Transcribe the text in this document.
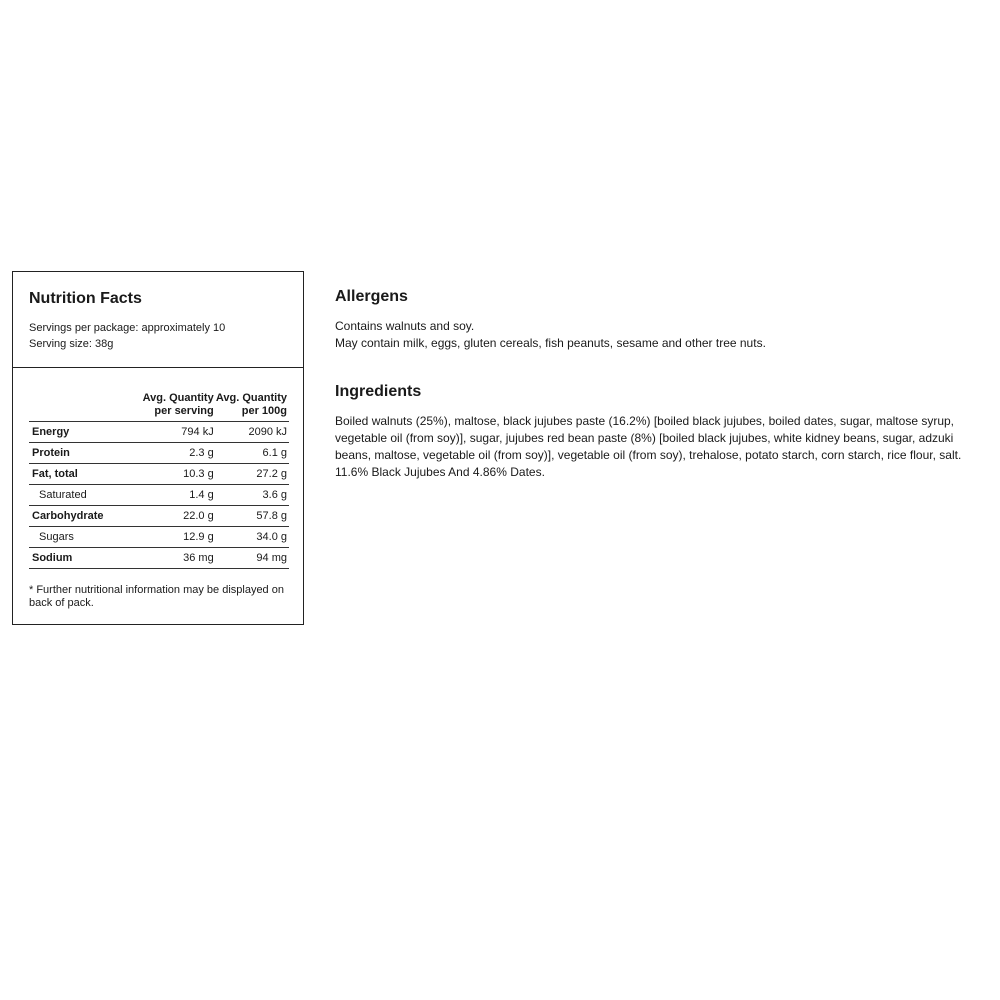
Nutrition Facts
Servings per package: approximately 10
Serving size: 38g
	Avg. Quantity
per serving	Avg. Quantity
per 100g
Energy	794 kJ	2090 kJ
Protein	2.3 g	6.1 g
Fat, total	10.3 g	27.2 g
Saturated	1.4 g	3.6 g
Carbohydrate	22.0 g	57.8 g
Sugars	12.9 g	34.0 g
Sodium	36 mg	94 mg
* Further nutritional information may be displayed on back of pack.
Allergens
Contains walnuts and soy.
May contain milk, eggs, gluten cereals, fish peanuts, sesame and other tree nuts.
Ingredients
Boiled walnuts (25%), maltose, black jujubes paste (16.2%) [boiled black jujubes, boiled dates, sugar, maltose syrup, vegetable oil (from soy)], sugar, jujubes red bean paste (8%) [boiled black jujubes, white kidney beans, sugar, adzuki beans, maltose, vegetable oil (from soy)], vegetable oil (from soy), trehalose, potato starch, corn starch, rice flour, salt. 11.6% Black Jujubes And 4.86% Dates.
